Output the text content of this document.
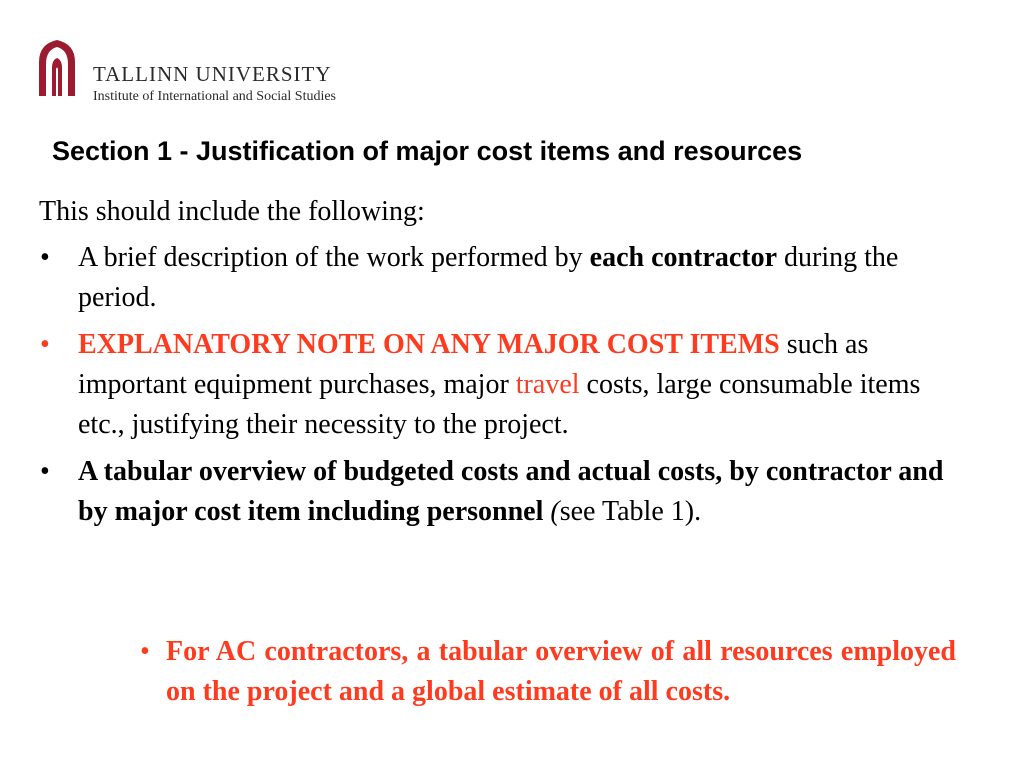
TALLINN UNIVERSITY
Institute of International and Social Studies
Section 1 - Justification of major cost items and resources
This should include the following:
• A brief description of the work performed by each contractor during the period.
• EXPLANATORY NOTE ON ANY MAJOR COST ITEMS such as important equipment purchases, major travel costs, large consumable items etc., justifying their necessity to the project.
• A tabular overview of budgeted costs and actual costs, by contractor and by major cost item including personnel (see Table 1).
• For AC contractors, a tabular overview of all resources employed on the project and a global estimate of all costs.
